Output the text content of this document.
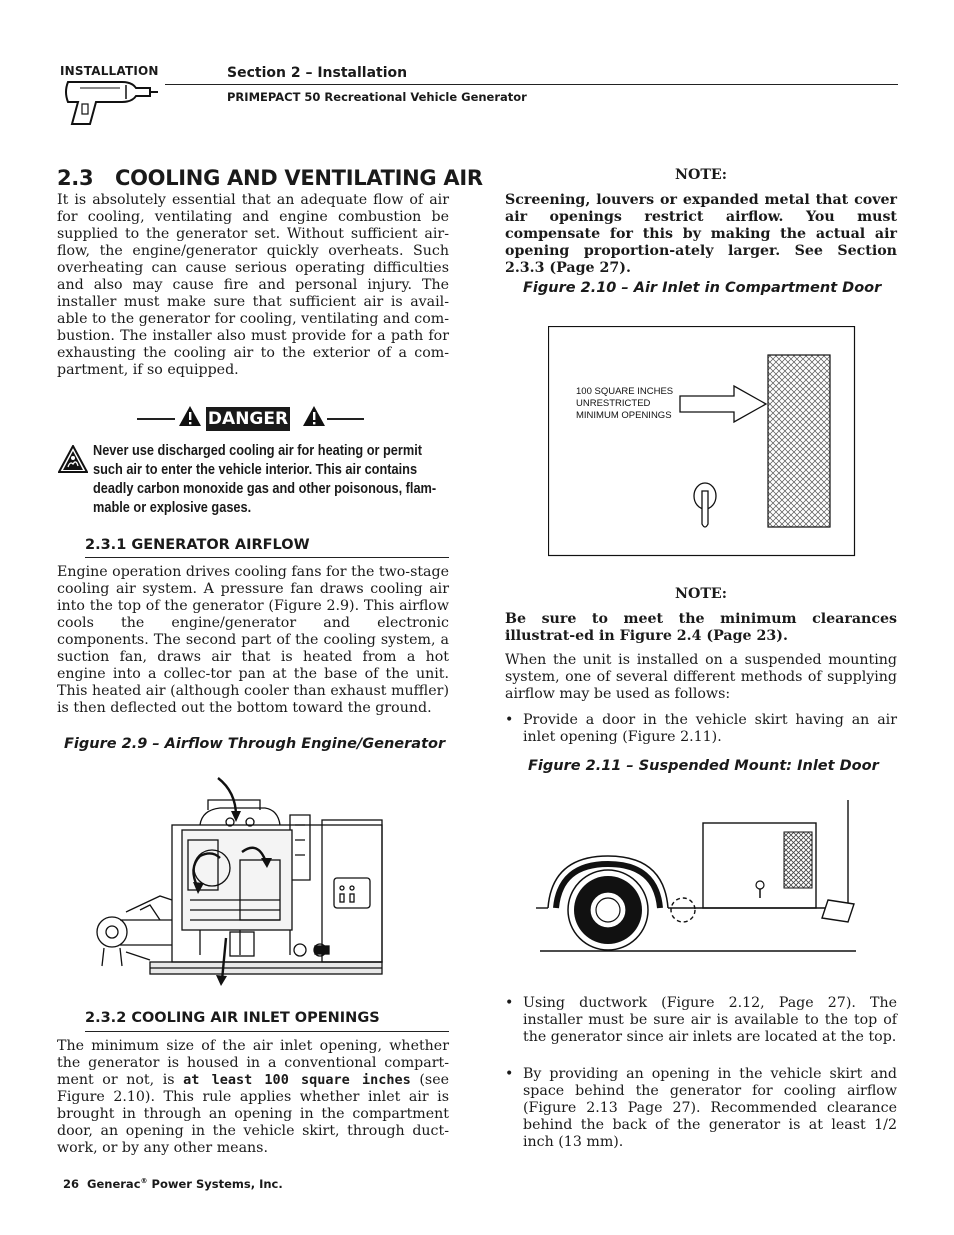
INSTALLATION	Section 2 – Installation
PRIMEPACT 50 Recreational Vehicle Generator
2.3 COOLING AND VENTILATING AIR

It is absolutely essential that an adequate flow of air for cooling, ventilating and engine combustion be supplied to the generator set. Without sufficient air-flow, the engine/generator quickly overheats. Such overheating can cause serious operating difficulties and also may cause fire and personal injury. The installer must make sure that sufficient air is avail-able to the generator for cooling, ventilating and com-bustion. The installer also must provide for a path for exhausting the cooling air to the exterior of a com-partment, if so equipped.

DANGER

Never use discharged cooling air for heating or permit such air to enter the vehicle interior. This air contains deadly carbon monoxide gas and other poisonous, flam-mable or explosive gases.

2.3.1 GENERATOR AIRFLOW

Engine operation drives cooling fans for the two-stage cooling air system. A pressure fan draws cooling air into the top of the generator (Figure 2.9). This airflow cools the engine/generator and electronic components. The second part of the cooling system, a suction fan, draws air that is heated from a hot engine into a collec-tor pan at the base of the unit. This heated air (although cooler than exhaust muffler) is then deflected out the bottom toward the ground.

Figure 2.9 – Airflow Through Engine/Generator
2.3.2 COOLING AIR INLET OPENINGS

The minimum size of the air inlet opening, whether the generator is housed in a conventional compart-ment or not, is at least 100 square inches (see Figure 2.10). This rule applies whether inlet air is brought in through an opening in the compartment door, an opening in the vehicle skirt, through duct-work, or by any other means.

26 Generac® Power Systems, Inc.
NOTE:

Screening, louvers or expanded metal that cover air openings restrict airflow. You must compensate for this by making the actual air opening proportion-ately larger. See Section 2.3.3 (Page 27).

Figure 2.10 – Air Inlet in Compartment Door
100 SQUARE INCHES
UNRESTRICTED
MINIMUM OPENINGS
NOTE:

Be sure to meet the minimum clearances illustrat-ed in Figure 2.4 (Page 23).

When the unit is installed on a suspended mounting system, one of several different methods of supplying airflow may be used as follows:

• Provide a door in the vehicle skirt having an air inlet opening (Figure 2.11).

Figure 2.11 – Suspended Mount: Inlet Door
• Using ductwork (Figure 2.12, Page 27). The installer must be sure air is available to the top of the generator since air inlets are located at the top.

• By providing an opening in the vehicle skirt and space behind the generator for cooling airflow (Figure 2.13 Page 27). Recommended clearance behind the back of the generator is at least 1/2 inch (13 mm).
